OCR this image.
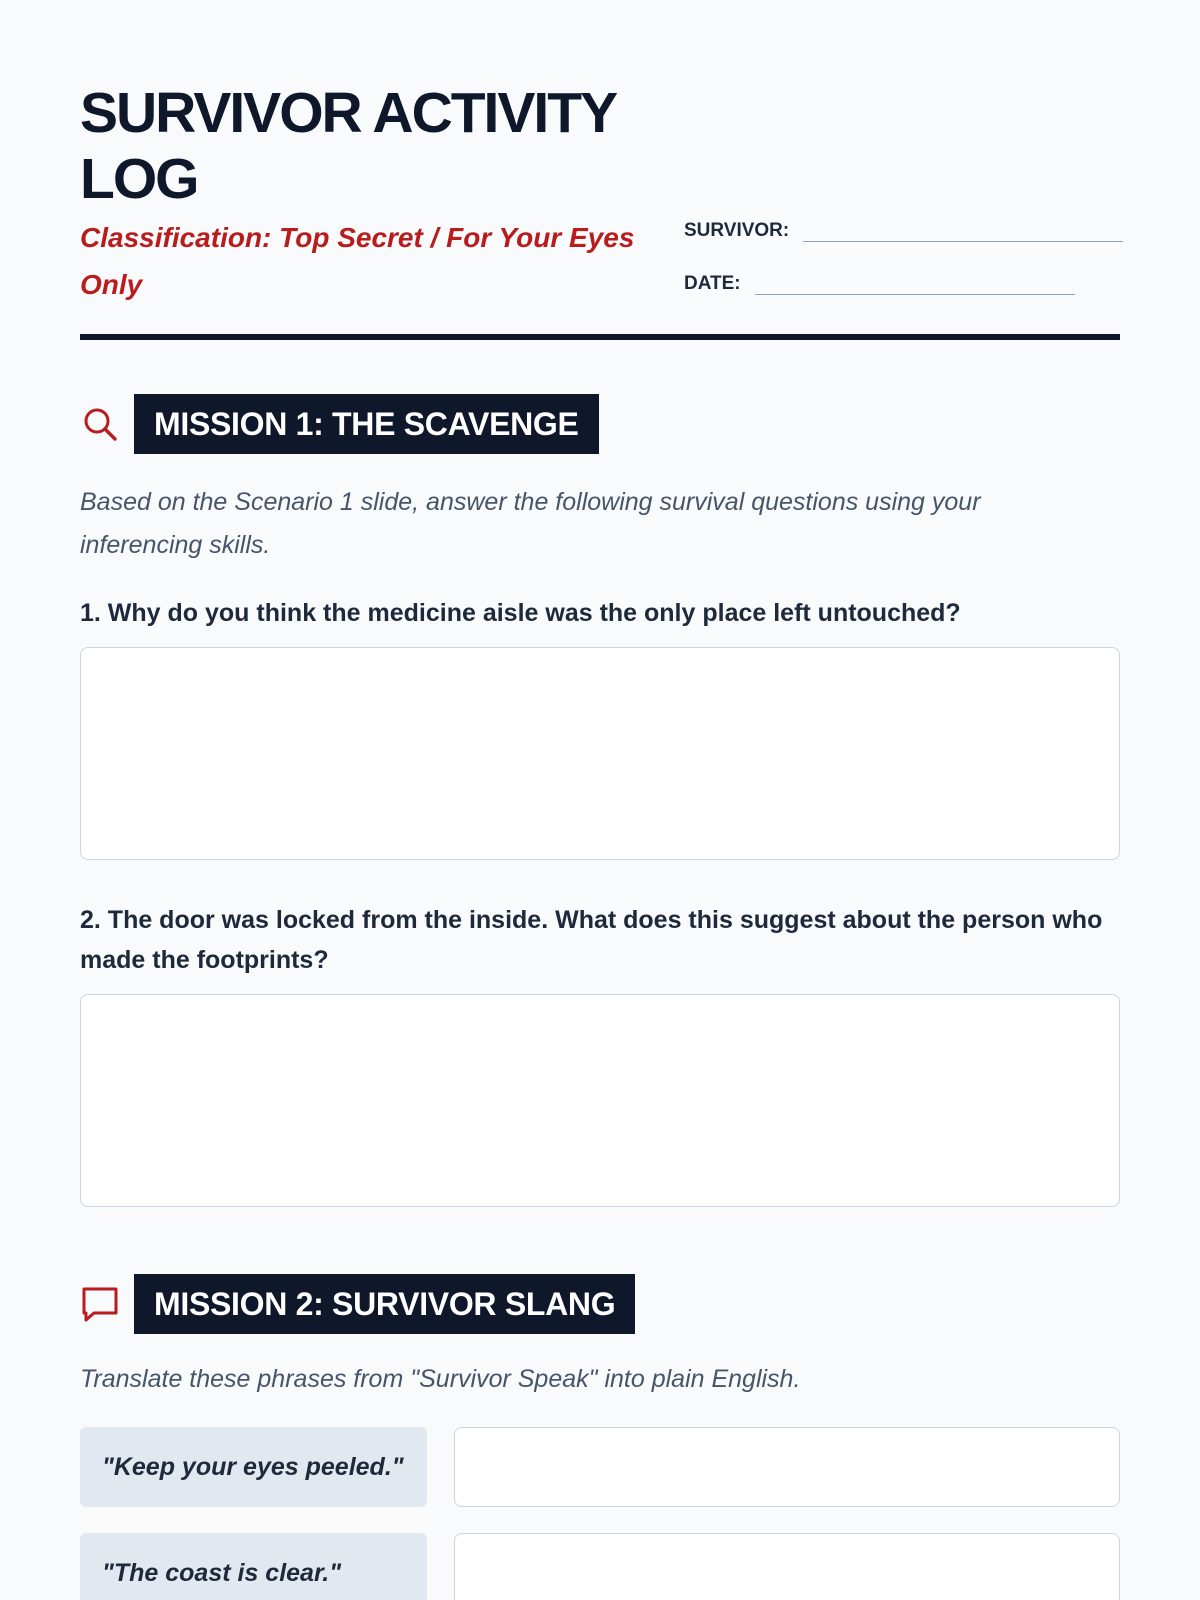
SURVIVOR ACTIVITY LOG
Classification: Top Secret / For Your Eyes Only
SURVIVOR:
DATE:
MISSION 1: THE SCAVENGE
Based on the Scenario 1 slide, answer the following survival questions using your inferencing skills.
1. Why do you think the medicine aisle was the only place left untouched?
2. The door was locked from the inside. What does this suggest about the person who made the footprints?
MISSION 2: SURVIVOR SLANG
Translate these phrases from "Survivor Speak" into plain English.
"Keep your eyes peeled."
"The coast is clear."
